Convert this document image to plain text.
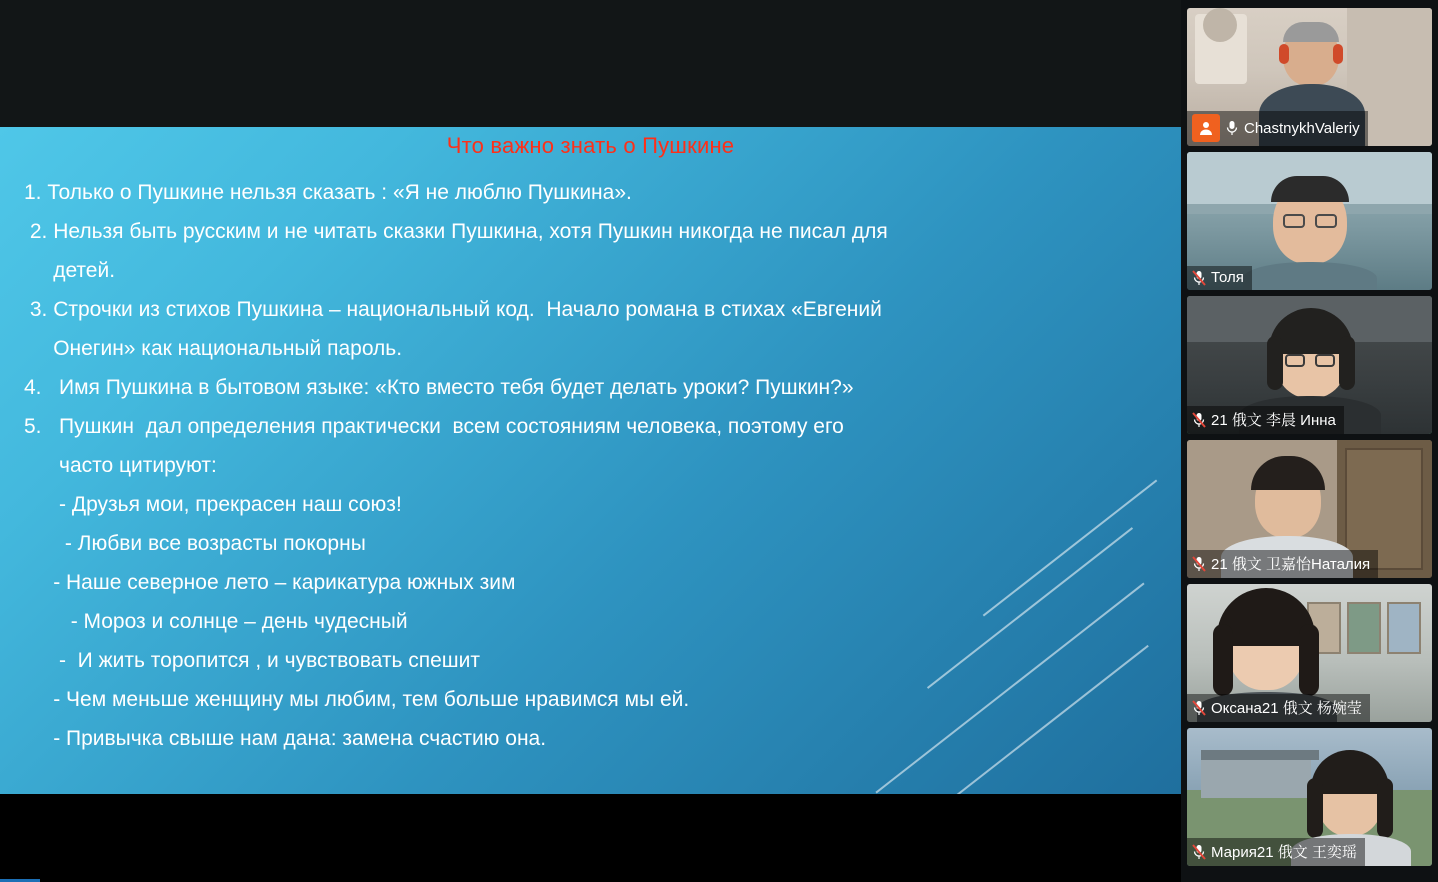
Что важно знать о Пушкине
1. Только о Пушкине нельзя сказать : «Я не люблю Пушкина».
2. Нельзя быть русским и не читать сказки Пушкина, хотя Пушкин никогда не писал для
детей.
3. Строчки из стихов Пушкина – национальный код.  Начало романа в стихах «Евгений
Онегин» как национальный пароль.
4.   Имя Пушкина в бытовом языке: «Кто вместо тебя будет делать уроки? Пушкин?»
5.   Пушкин  дал определения практически  всем состояниям человека, поэтому его
часто цитируют:
- Друзья мои, прекрасен наш союз!
- Любви все возрасты покорны
- Наше северное лето – карикатура южных зим
- Мороз и солнце – день чудесный
-  И жить торопится , и чувствовать спешит
- Чем меньше женщину мы любим, тем больше нравимся мы ей.
- Привычка свыше нам дана: замена счастию она.
ChastnykhValeriy
Толя
21 俄文 李晨 Инна
21 俄文 卫嘉怡Наталия
Оксана21 俄文 杨婉莹
Мария21 俄文 王奕瑶
